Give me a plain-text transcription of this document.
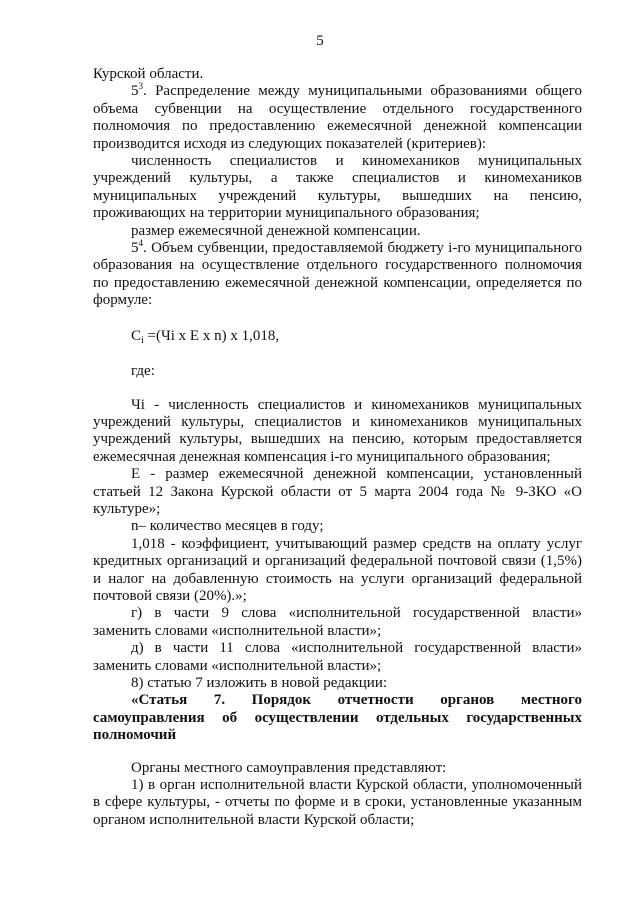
5

Курской области.

$5^3$. Распределение между муниципальными образованиями общего объема субвенции на осуществление отдельного государственного полномочия по предоставлению ежемесячной денежной компенсации производится исходя из следующих показателей (критериев):

численность специалистов и киномехаников муниципальных учреждений культуры, а также специалистов и киномехаников муниципальных учреждений культуры, вышедших на пенсию, проживающих на территории муниципального образования;

размер ежемесячной денежной компенсации.

$5^4$. Объем субвенции, предоставляемой бюджету i-го муниципального образования на осуществление отдельного государственного полномочия по предоставлению ежемесячной денежной компенсации, определяется по формуле:

$C_i =(Чi$ х Е х n) х 1,018,

где:

Чi - численность специалистов и киномехаников муниципальных учреждений культуры, специалистов и киномехаников муниципальных учреждений культуры, вышедших на пенсию, которым предоставляется ежемесячная денежная компенсация i-го муниципального образования;

Е - размер ежемесячной денежной компенсации, установленный статьей 12 Закона Курской области от 5 марта 2004 года № 9-ЗКО «О культуре»;

n– количество месяцев в году;

1,018 - коэффициент, учитывающий размер средств на оплату услуг кредитных организаций и организаций федеральной почтовой связи (1,5%) и налог на добавленную стоимость на услуги организаций федеральной почтовой связи (20%).»;

г) в части 9 слова «исполнительной государственной власти» заменить словами «исполнительной власти»;

д) в части 11 слова «исполнительной государственной власти» заменить словами «исполнительной власти»;

8) статью 7 изложить в новой редакции:

«Статья 7. Порядок отчетности органов местного самоуправления об осуществлении отдельных государственных полномочий

Органы местного самоуправления представляют:

1) в орган исполнительной власти Курской области, уполномоченный в сфере культуры, - отчеты по форме и в сроки, установленные указанным органом исполнительной власти Курской области;
